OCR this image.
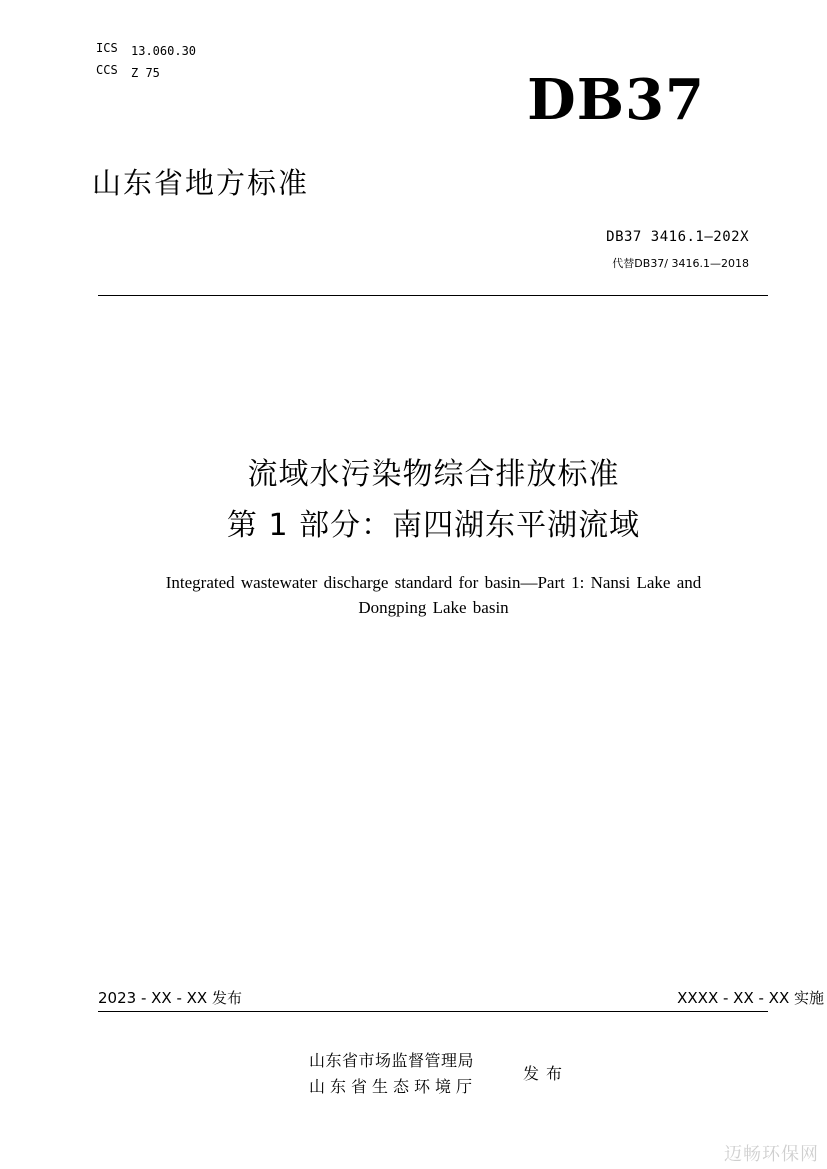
ICS 13.060.30
CCS Z 75	DB37
山东省地方标准
DB37 3416.1—202X
代替DB37/ 3416.1—2018
流域水污染物综合排放标准
第 1 部分：南四湖东平湖流域
Integrated wastewater discharge standard for basin—Part 1: Nansi Lake and
Dongping Lake basin
2023 - XX - XX 发布	XXXX - XX - XX 实施
山东省市场监督管理局
山东省生态环境厅
发布
迈畅环保网
